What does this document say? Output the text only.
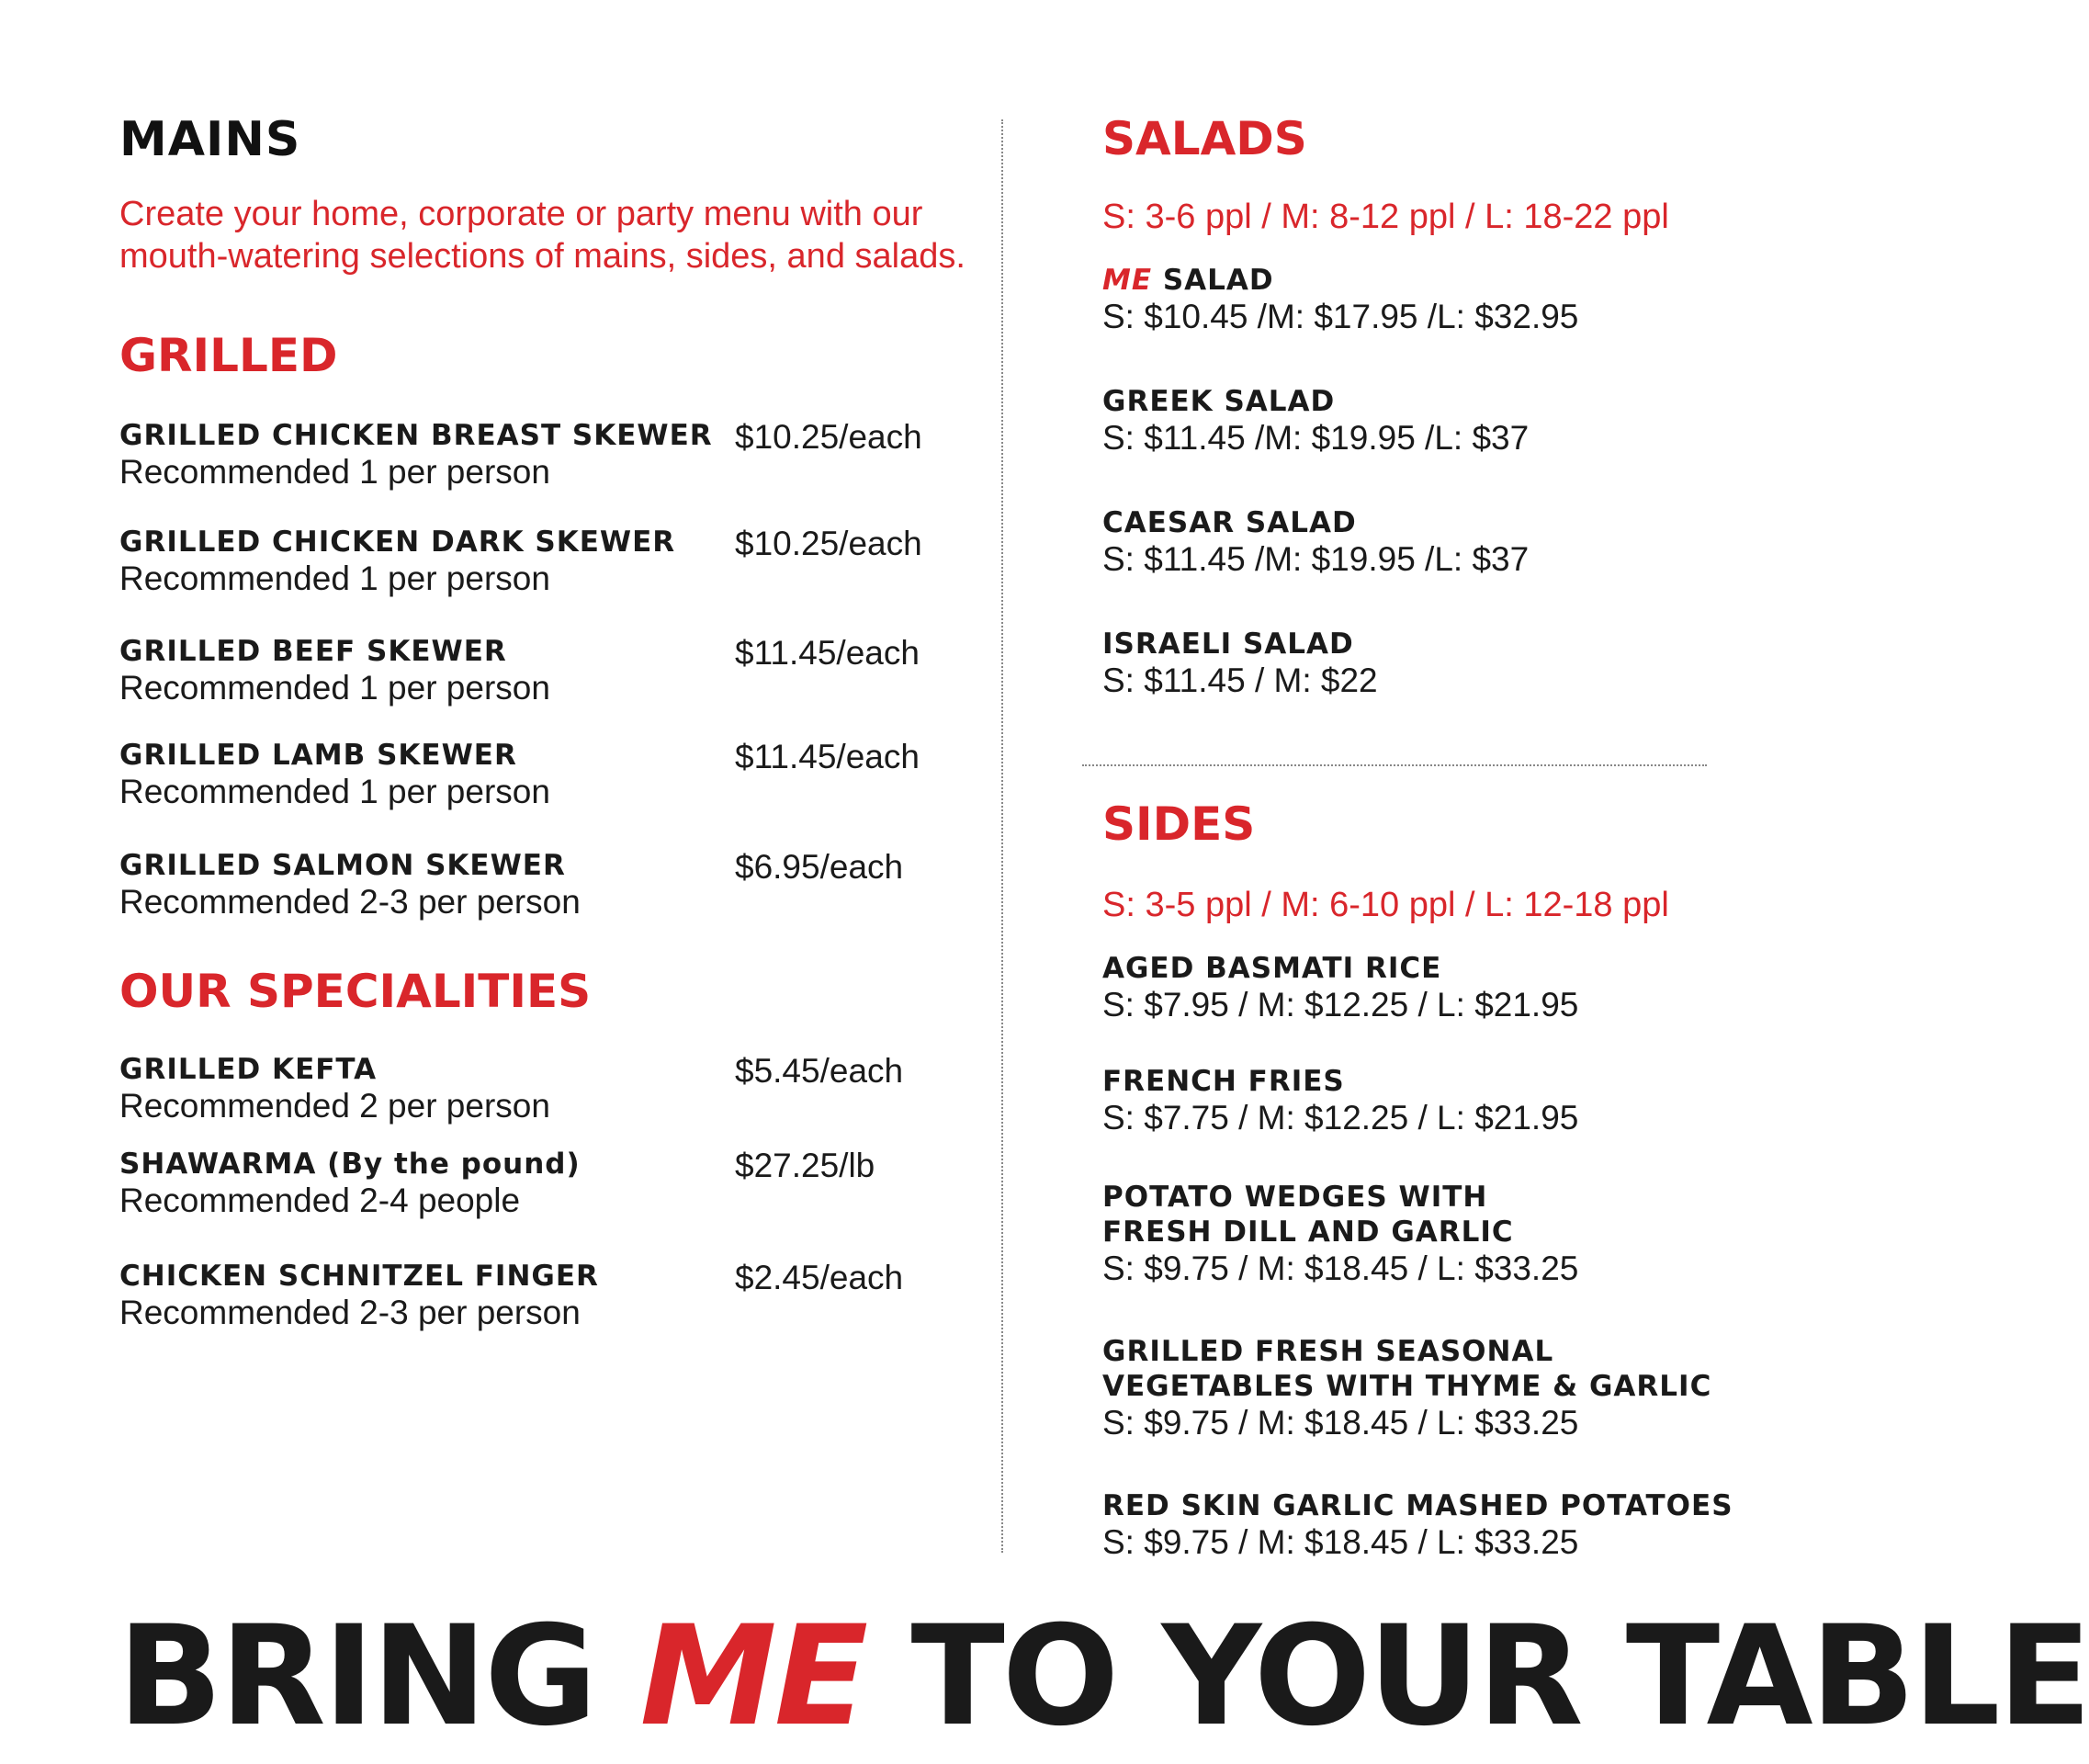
MAINS

Create your home, corporate or party menu with our mouth-watering selections of mains, sides, and salads.

GRILLED
GRILLED CHICKEN BREAST SKEWER
Recommended 1 per person
$10.25/each
GRILLED CHICKEN DARK SKEWER
Recommended 1 per person
$10.25/each
GRILLED BEEF SKEWER
Recommended 1 per person
$11.45/each
GRILLED LAMB SKEWER
Recommended 1 per person
$11.45/each
GRILLED SALMON SKEWER
Recommended 2-3 per person
$6.95/each
OUR SPECIALITIES
GRILLED KEFTA
Recommended 2 per person
$5.45/each
SHAWARMA (By the pound)
Recommended 2-4 people
$27.25/lb
CHICKEN SCHNITZEL FINGER
Recommended 2-3 per person
$2.45/each
SALADS
S: 3-6 ppl / M: 8-12 ppl / L: 18-22 ppl
ME SALAD
S: $10.45 /M: $17.95 /L: $32.95
GREEK SALAD
S: $11.45 /M: $19.95 /L: $37
CAESAR SALAD
S: $11.45 /M: $19.95 /L: $37
ISRAELI SALAD
S: $11.45 / M: $22
SIDES
S: 3-5 ppl / M: 6-10 ppl / L: 12-18 ppl
AGED BASMATI RICE
S: $7.95 / M: $12.25 / L: $21.95
FRENCH FRIES
S: $7.75 / M: $12.25 / L: $21.95
POTATO WEDGES WITH
FRESH DILL AND GARLIC
S: $9.75 / M: $18.45 / L: $33.25
GRILLED FRESH SEASONAL
VEGETABLES WITH THYME & GARLIC
S: $9.75 / M: $18.45 / L: $33.25
RED SKIN GARLIC MASHED POTATOES
S: $9.75 / M: $18.45 / L: $33.25
BRING ME TO YOUR TABLE
